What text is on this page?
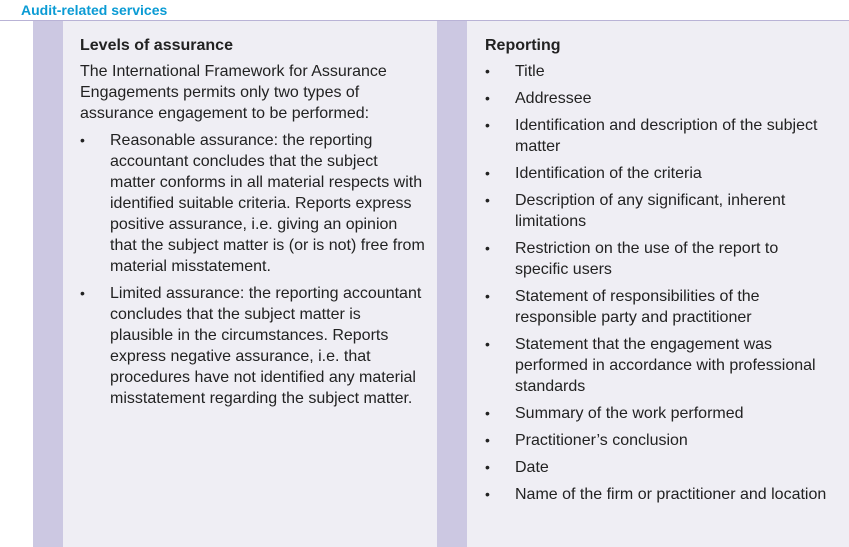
Audit-related services
Levels of assurance
The International Framework for Assurance Engagements permits only two types of assurance engagement to be performed:
•	Reasonable assurance: the reporting accountant concludes that the subject matter conforms in all material respects with identified suitable criteria. Reports express positive assurance, i.e. giving an opinion that the subject matter is (or is not) free from material misstatement.
•	Limited assurance: the reporting accountant concludes that the subject matter is plausible in the circumstances. Reports express negative assurance, i.e. that procedures have not identified any material misstatement regarding the subject matter.
Reporting
•	Title
•	Addressee
•	Identification and description of the subject matter
•	Identification of the criteria
•	Description of any significant, inherent limitations
•	Restriction on the use of the report to specific users
•	Statement of responsibilities of the responsible party and practitioner
•	Statement that the engagement was performed in accordance with professional standards
•	Summary of the work performed
•	Practitioner’s conclusion
•	Date
•	Name of the firm or practitioner and location
